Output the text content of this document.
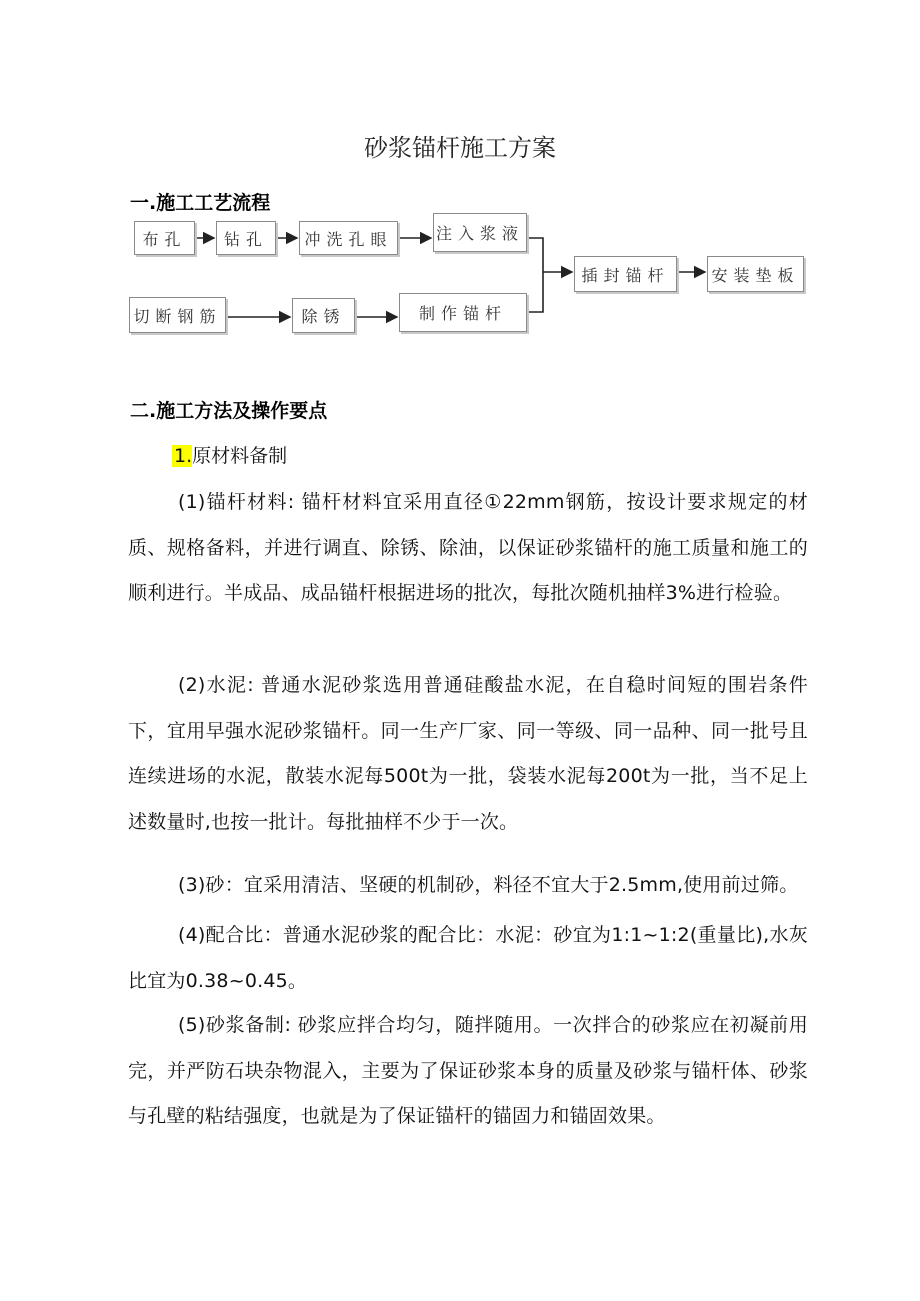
砂浆锚杆施工方案
一.施工工艺流程
布孔	钻孔	冲洗孔眼	注入浆液
切断钢筋	除锈	制作锚杆
插封锚杆	安装垫板
二.施工方法及操作要点
1.原材料备制
(1)锚杆材料: 锚杆材料宜采用直径①22mm钢筋，按设计要求规定的材质、规格备料，并进行调直、除锈、除油，以保证砂浆锚杆的施工质量和施工的顺利进行。半成品、成品锚杆根据进场的批次，每批次随机抽样3%进行检验。
(2)水泥: 普通水泥砂浆选用普通硅酸盐水泥，在自稳时间短的围岩条件下，宜用早强水泥砂浆锚杆。同一生产厂家、同一等级、同一品种、同一批号且连续进场的水泥，散装水泥每500t为一批，袋装水泥每200t为一批，当不足上述数量时,也按一批计。每批抽样不少于一次。
(3)砂：宜采用清洁、坚硬的机制砂，料径不宜大于2.5mm,使用前过筛。
(4)配合比：普通水泥砂浆的配合比：水泥：砂宜为1:1~1:2(重量比),水灰比宜为0.38~0.45。
(5)砂浆备制: 砂浆应拌合均匀，随拌随用。一次拌合的砂浆应在初凝前用完，并严防石块杂物混入，主要为了保证砂浆本身的质量及砂浆与锚杆体、砂浆与孔壁的粘结强度，也就是为了保证锚杆的锚固力和锚固效果。
